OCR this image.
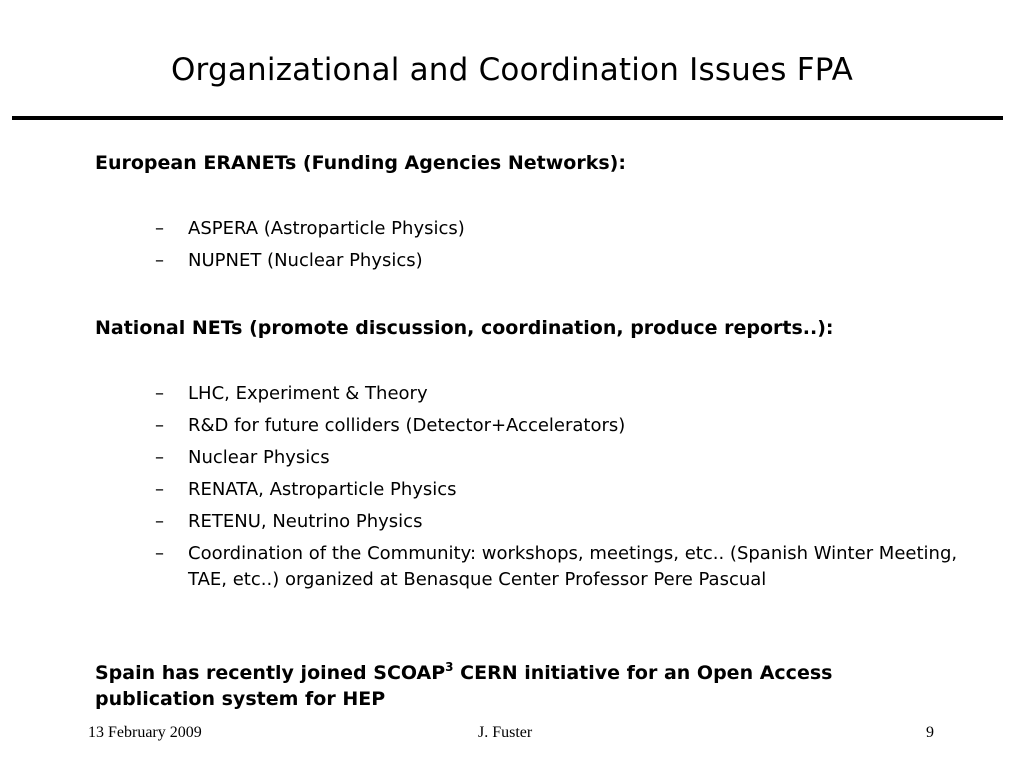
Organizational and Coordination Issues FPA
European ERANETs (Funding Agencies Networks):
– ASPERA (Astroparticle Physics)
– NUPNET (Nuclear Physics)
National NETs (promote discussion, coordination, produce reports..):
– LHC, Experiment & Theory
– R&D for future colliders (Detector+Accelerators)
– Nuclear Physics
– RENATA, Astroparticle Physics
– RETENU, Neutrino Physics
– Coordination of the Community: workshops, meetings, etc.. (Spanish Winter Meeting, TAE, etc..) organized at Benasque Center Professor Pere Pascual
Spain has recently joined SCOAP$^3$ CERN initiative for an Open Access publication system for HEP
13 February 2009	J. Fuster	9
